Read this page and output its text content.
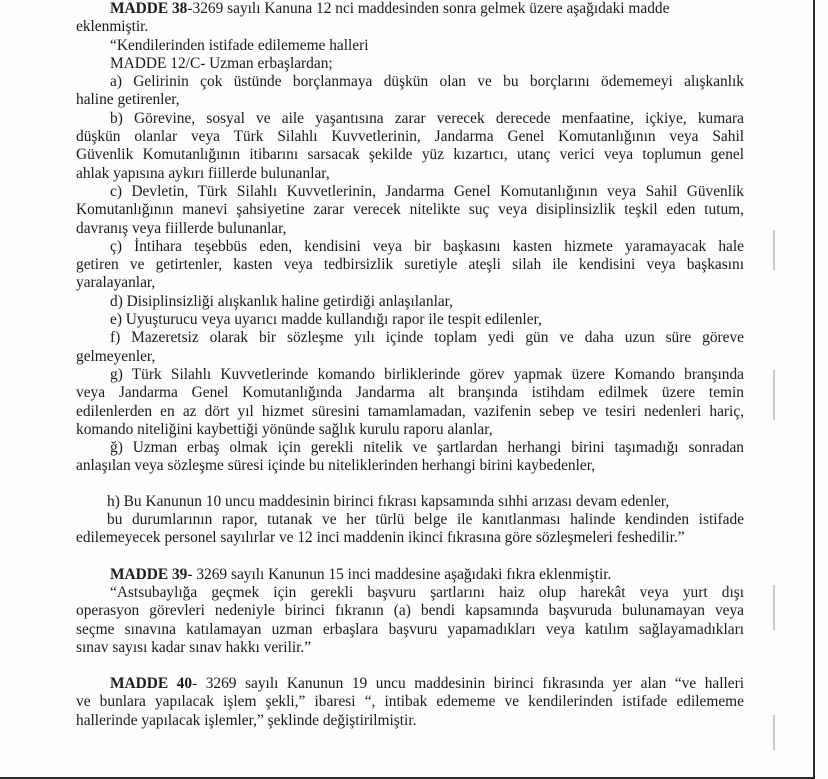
MADDE 38-3269 sayılı Kanuna 12 nci maddesinden sonra gelmek üzere aşağıdaki madde

eklenmiştir.

“Kendilerinden istifade edilememe halleri

MADDE 12/C- Uzman erbaşlardan;

a) Gelirinin çok üstünde borçlanmaya düşkün olan ve bu borçlarını ödememeyi alışkanlık

haline getirenler,

b) Görevine, sosyal ve aile yaşantısına zarar verecek derecede menfaatine, içkiye, kumara

düşkün olanlar veya Türk Silahlı Kuvvetlerinin, Jandarma Genel Komutanlığının veya Sahil

Güvenlik Komutanlığının itibarını sarsacak şekilde yüz kızartıcı, utanç verici veya toplumun genel

ahlak yapısına aykırı fiillerde bulunanlar,

c) Devletin, Türk Silahlı Kuvvetlerinin, Jandarma Genel Komutanlığının veya Sahil Güvenlik

Komutanlığının manevi şahsiyetine zarar verecek nitelikte suç veya disiplinsizlik teşkil eden tutum,

davranış veya fiillerde bulunanlar,

ç) İntihara teşebbüs eden, kendisini veya bir başkasını kasten hizmete yaramayacak hale

getiren ve getirtenler, kasten veya tedbirsizlik suretiyle ateşli silah ile kendisini veya başkasını

yaralayanlar,

d) Disiplinsizliği alışkanlık haline getirdiği anlaşılanlar,

e) Uyuşturucu veya uyarıcı madde kullandığı rapor ile tespit edilenler,

f) Mazeretsiz olarak bir sözleşme yılı içinde toplam yedi gün ve daha uzun süre göreve

gelmeyenler,

g) Türk Silahlı Kuvvetlerinde komando birliklerinde görev yapmak üzere Komando branşında

veya Jandarma Genel Komutanlığında Jandarma alt branşında istihdam edilmek üzere temin

edilenlerden en az dört yıl hizmet süresini tamamlamadan, vazifenin sebep ve tesiri nedenleri hariç,

komando niteliğini kaybettiği yönünde sağlık kurulu raporu alanlar,

ğ) Uzman erbaş olmak için gerekli nitelik ve şartlardan herhangi birini taşımadığı sonradan

anlaşılan veya sözleşme süresi içinde bu niteliklerinden herhangi birini kaybedenler,

h) Bu Kanunun 10 uncu maddesinin birinci fıkrası kapsamında sıhhi arızası devam edenler,

bu durumlarının rapor, tutanak ve her türlü belge ile kanıtlanması halinde kendinden istifade

edilemeyecek personel sayılırlar ve 12 inci maddenin ikinci fıkrasına göre sözleşmeleri feshedilir.”

MADDE 39- 3269 sayılı Kanunun 15 inci maddesine aşağıdaki fıkra eklenmiştir.

“Astsubaylığa geçmek için gerekli başvuru şartlarını haiz olup harekât veya yurt dışı

operasyon görevleri nedeniyle birinci fıkranın (a) bendi kapsamında başvuruda bulunamayan veya

seçme sınavına katılamayan uzman erbaşlara başvuru yapamadıkları veya katılım sağlayamadıkları

sınav sayısı kadar sınav hakkı verilir.”

MADDE 40- 3269 sayılı Kanunun 19 uncu maddesinin birinci fıkrasında yer alan “ve halleri

ve bunlara yapılacak işlem şekli,” ibaresi “, intibak edememe ve kendilerinden istifade edilememe

hallerinde yapılacak işlemler,” şeklinde değiştirilmiştir.
